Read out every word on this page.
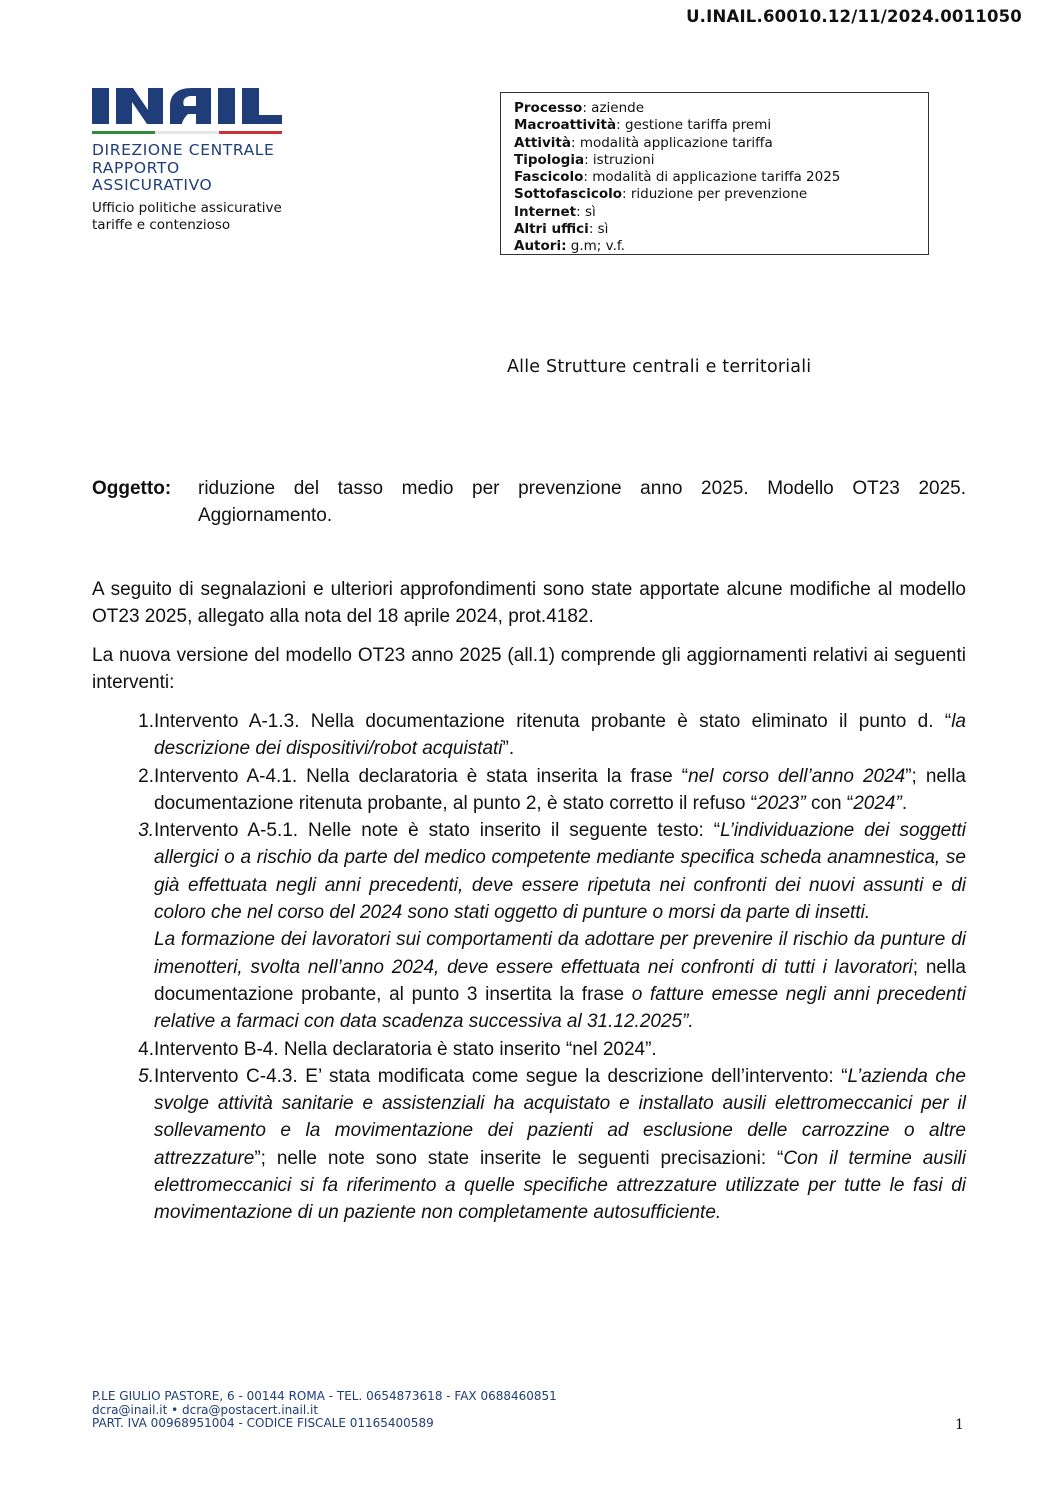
U.INAIL.60010.12/11/2024.0011050
DIREZIONE CENTRALE
RAPPORTO
ASSICURATIVO
Ufficio politiche assicurative
tariffe e contenzioso
Processo: aziende
Macroattività: gestione tariffa premi
Attività: modalità applicazione tariffa
Tipologia: istruzioni
Fascicolo: modalità di applicazione tariffa 2025
Sottofascicolo: riduzione per prevenzione
Internet: sì
Altri uffici: sì
Autori: g.m; v.f.
Alle Strutture centrali e territoriali
Oggetto:	riduzione del tasso medio per prevenzione anno 2025. Modello OT23 2025. Aggiornamento.
A seguito di segnalazioni e ulteriori approfondimenti sono state apportate alcune modifiche al modello OT23 2025, allegato alla nota del 18 aprile 2024, prot.4182.
La nuova versione del modello OT23 anno 2025 (all.1) comprende gli aggiornamenti relativi ai seguenti interventi:
1. Intervento A-1.3. Nella documentazione ritenuta probante è stato eliminato il punto d. “la descrizione dei dispositivi/robot acquistati”.
2. Intervento A-4.1. Nella declaratoria è stata inserita la frase “nel corso dell’anno 2024”; nella documentazione ritenuta probante, al punto 2, è stato corretto il refuso “2023” con “2024”.
3. Intervento A-5.1. Nelle note è stato inserito il seguente testo: “L’individuazione dei soggetti allergici o a rischio da parte del medico competente mediante specifica scheda anamnestica, se già effettuata negli anni precedenti, deve essere ripetuta nei confronti dei nuovi assunti e di coloro che nel corso del 2024 sono stati oggetto di punture o morsi da parte di insetti.
La formazione dei lavoratori sui comportamenti da adottare per prevenire il rischio da punture di imenotteri, svolta nell’anno 2024, deve essere effettuata nei confronti di tutti i lavoratori; nella documentazione probante, al punto 3 insertita la frase o fatture emesse negli anni precedenti relative a farmaci con data scadenza successiva al 31.12.2025”.
4. Intervento B-4. Nella declaratoria è stato inserito “nel 2024”.
5. Intervento C-4.3. E’ stata modificata come segue la descrizione dell’intervento: “L’azienda che svolge attività sanitarie e assistenziali ha acquistato e installato ausili elettromeccanici per il sollevamento e la movimentazione dei pazienti ad esclusione delle carrozzine o altre attrezzature”; nelle note sono state inserite le seguenti precisazioni: “Con il termine ausili elettromeccanici si fa riferimento a quelle specifiche attrezzature utilizzate per tutte le fasi di movimentazione di un paziente non completamente autosufficiente.
P.LE GIULIO PASTORE, 6 - 00144 ROMA - TEL. 0654873618 - FAX 0688460851
dcra@inail.it • dcra@postacert.inail.it
PART. IVA 00968951004 - CODICE FISCALE 01165400589	1
